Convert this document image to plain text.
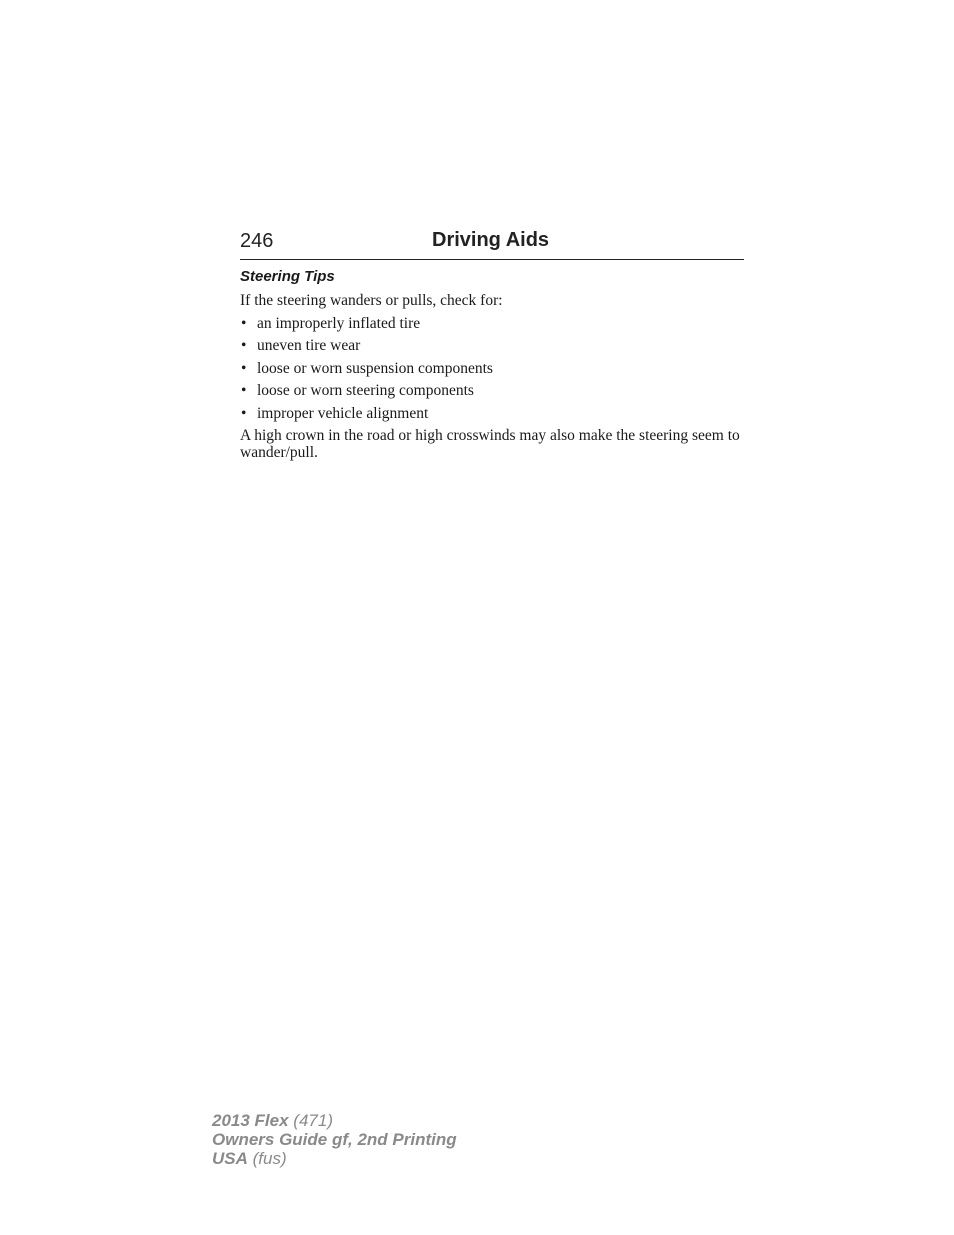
246	Driving Aids
Steering Tips

If the steering wanders or pulls, check for:

• an improperly inflated tire
• uneven tire wear
• loose or worn suspension components
• loose or worn steering components
• improper vehicle alignment

A high crown in the road or high crosswinds may also make the steering seem to wander/pull.

2013 Flex (471)
Owners Guide gf, 2nd Printing
USA (fus)
